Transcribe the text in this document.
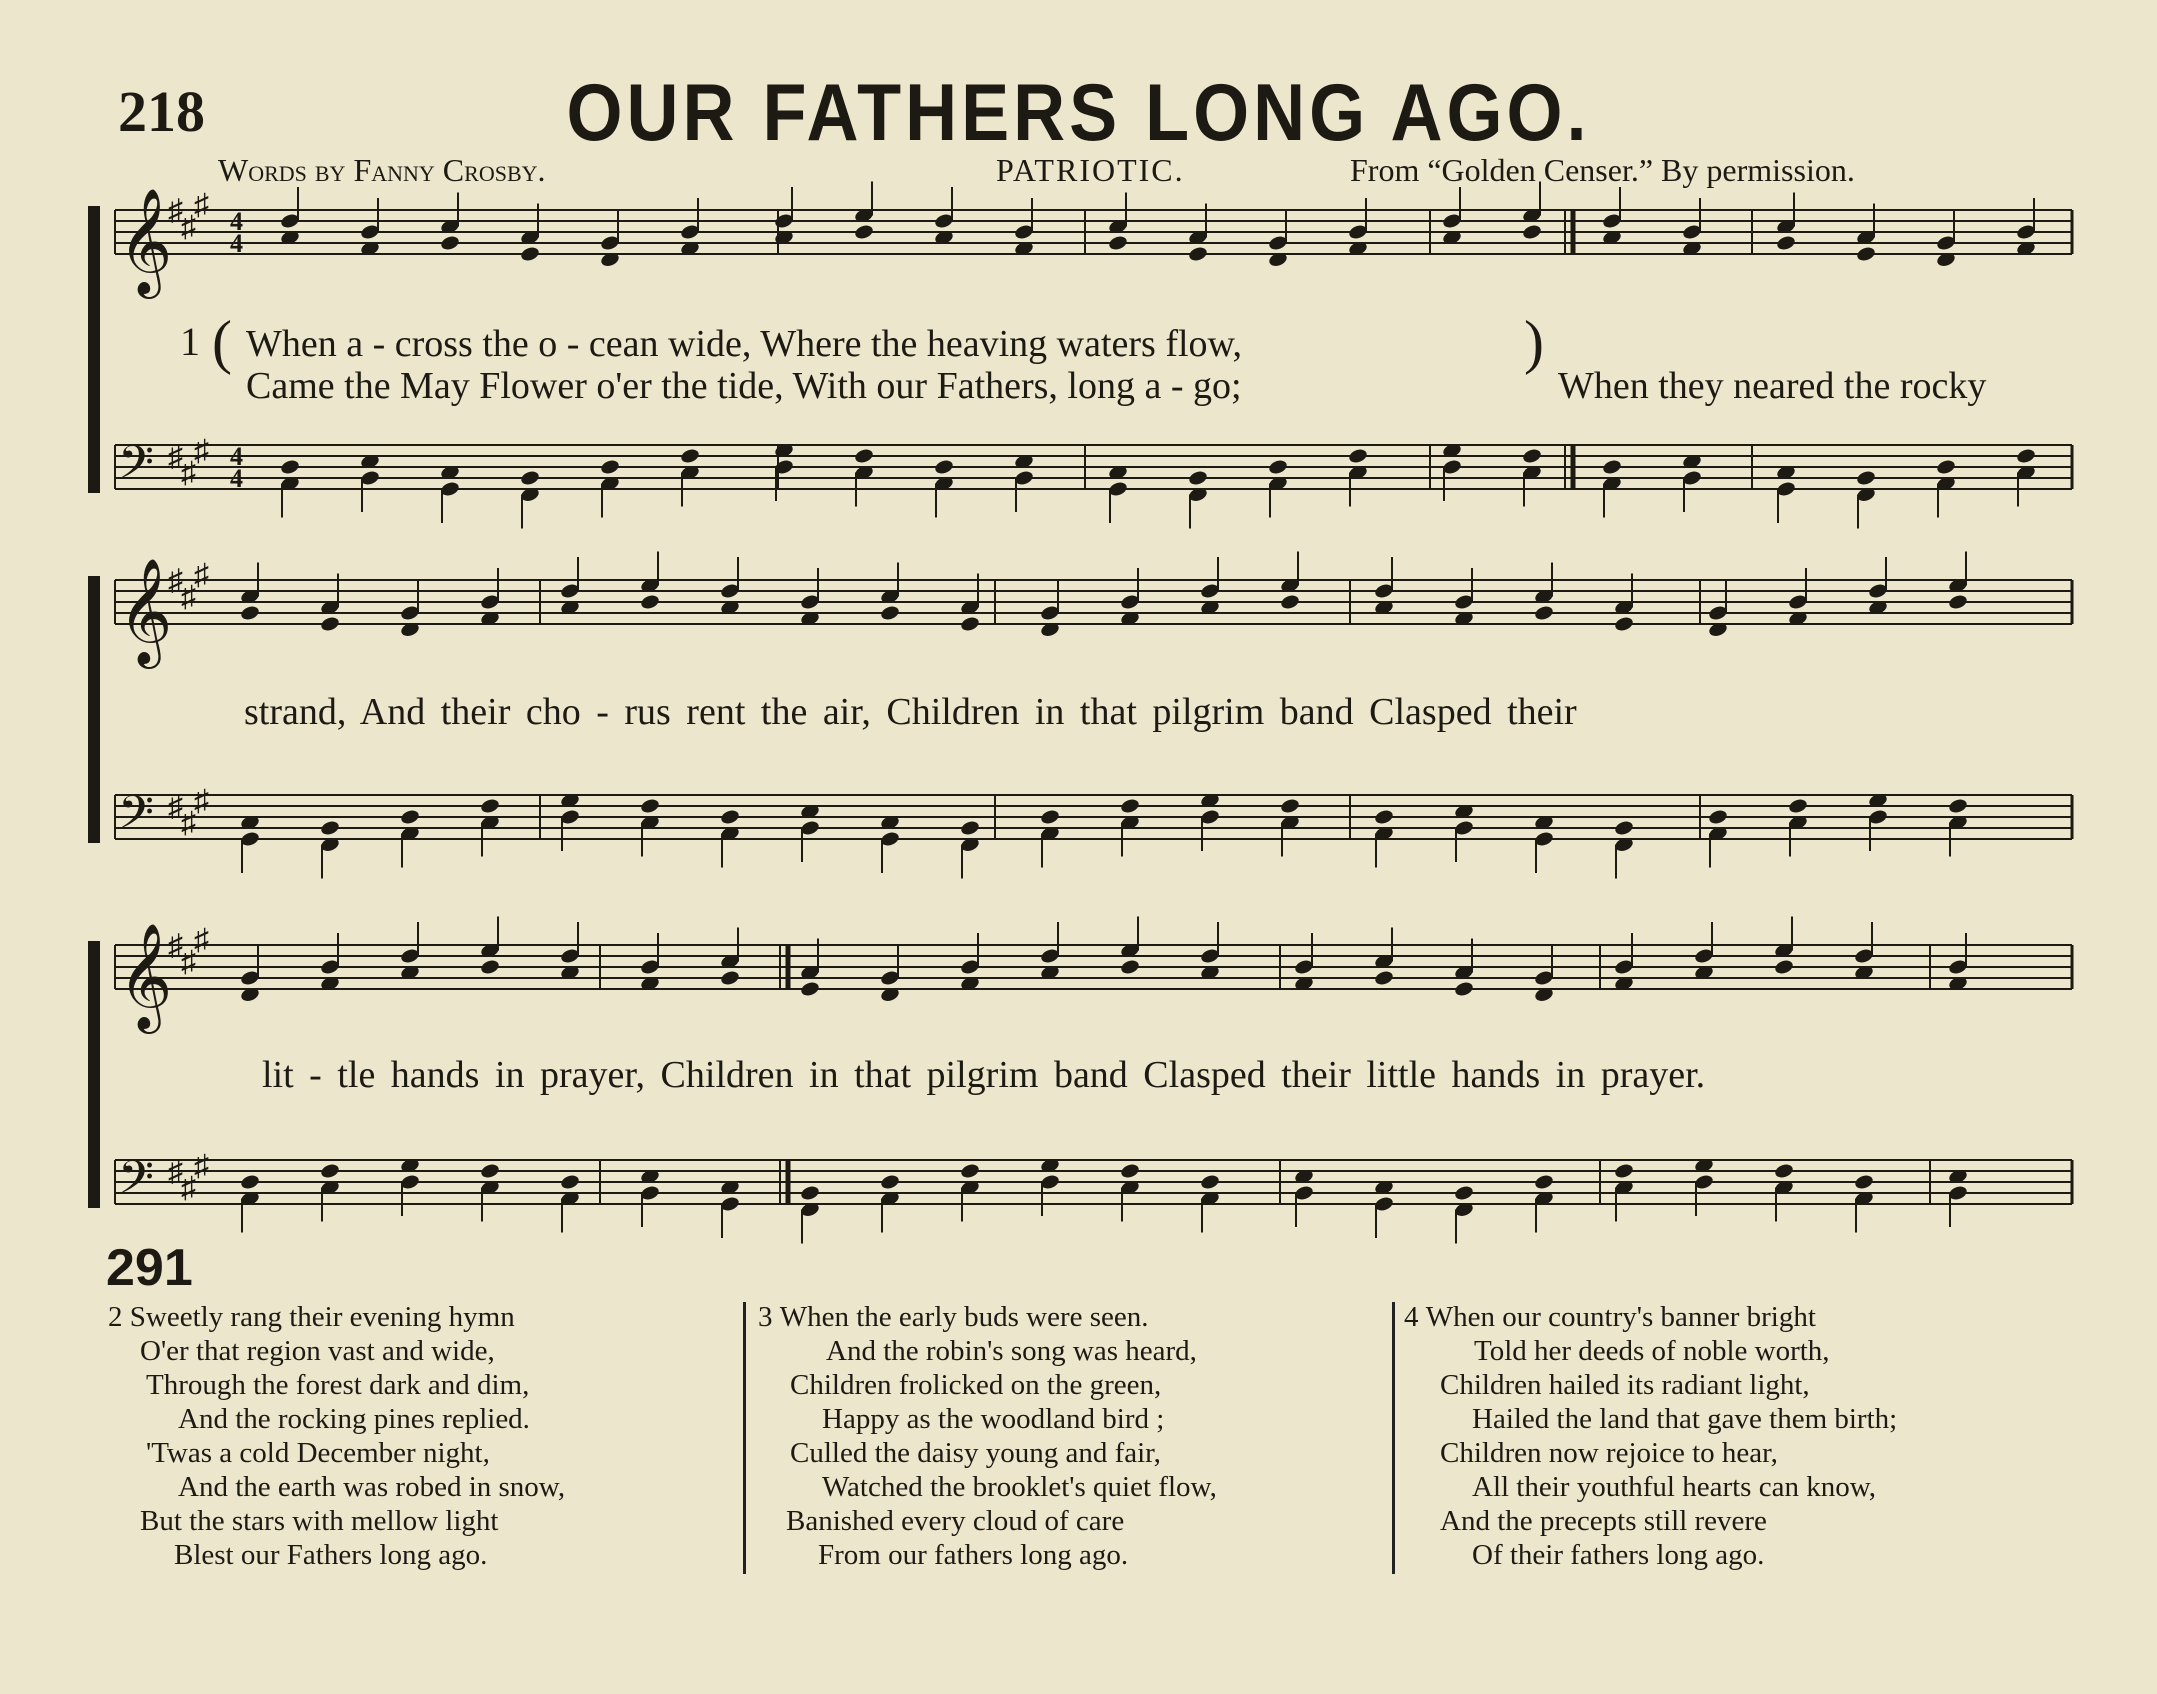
218	OUR FATHERS LONG AGO.
Words by Fanny Crosby.	PATRIOTIC.	From “Golden Censer.” By permission.
𝄞
♯
♯
♯ 4
4
𝄢 ♯
♯
♯ 4
4
𝄞
♯
♯
♯
𝄢 ♯
♯
♯
𝄞
♯
♯
♯
𝄢 ♯
♯
♯
1 ( When a - cross the o - cean wide, Where the heaving waters flow,
Came the May Flower o'er the tide, With our Fathers, long a - go;
)
When they neared the rocky
strand, And their cho - rus rent the air, Children in that pilgrim band Clasped their
lit - tle hands in prayer, Children in that pilgrim band Clasped their little hands in prayer.
291
2 Sweetly rang their evening hymn
O'er that region vast and wide,
Through the forest dark and dim,
And the rocking pines replied.
'Twas a cold December night,
And the earth was robed in snow,
But the stars with mellow light
Blest our Fathers long ago.
3 When the early buds were seen.
And the robin's song was heard,
Children frolicked on the green,
Happy as the woodland bird ;
Culled the daisy young and fair,
Watched the brooklet's quiet flow,
Banished every cloud of care
From our fathers long ago.
4 When our country's banner bright
Told her deeds of noble worth,
Children hailed its radiant light,
Hailed the land that gave them birth;
Children now rejoice to hear,
All their youthful hearts can know,
And the precepts still revere
Of their fathers long ago.
